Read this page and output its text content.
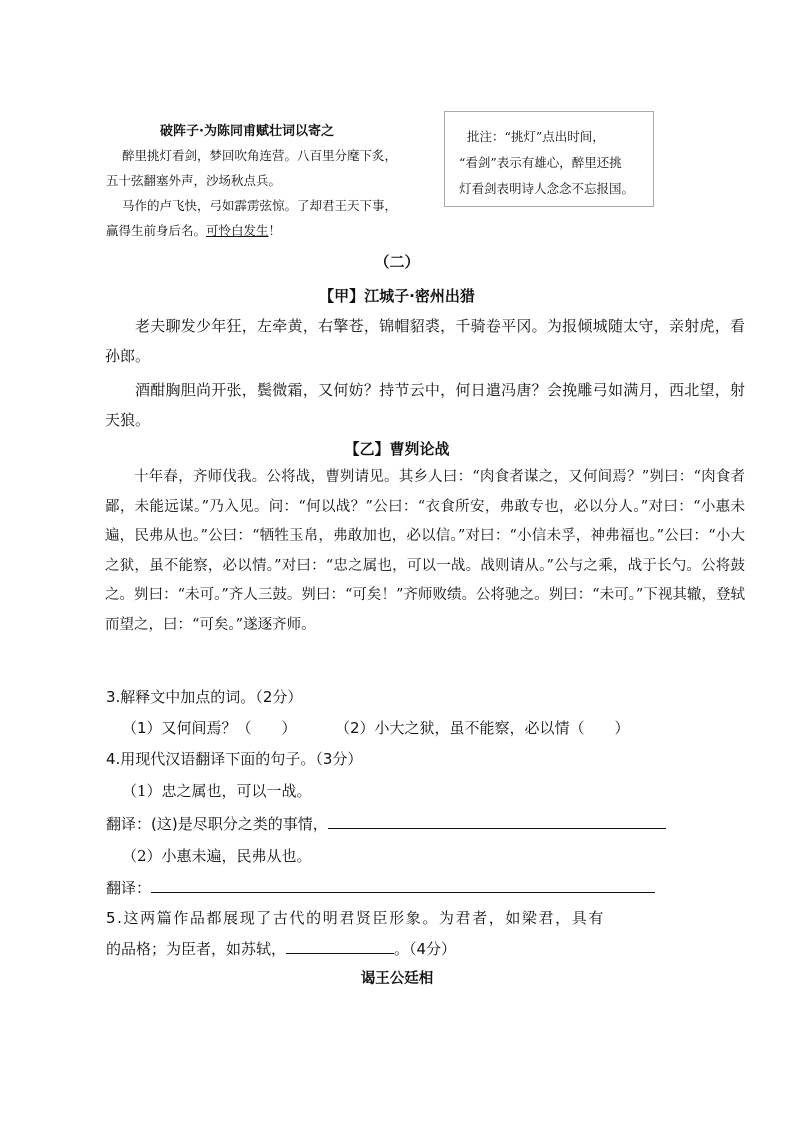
破阵子·为陈同甫赋壮词以寄之
醉里挑灯看剑，梦回吹角连营。八百里分麾下炙，
五十弦翻塞外声，沙场秋点兵。
马作的卢飞快，弓如霹雳弦惊。了却君王天下事，
赢得生前身后名。可怜白发生！
批注：“挑灯”点出时间，
“看剑”表示有雄心，醉里还挑
灯看剑表明诗人念念不忘报国。
（二）
【甲】江城子·密州出猎
老夫聊发少年狂，左牵黄，右擎苍，锦帽貂裘，千骑卷平冈。为报倾城随太守，亲射虎，看孙郎。
酒酣胸胆尚开张，鬓微霜，又何妨？持节云中，何日遣冯唐？会挽雕弓如满月，西北望，射天狼。
【乙】曹刿论战
十年春，齐师伐我。公将战，曹刿请见。其乡人曰：“肉食者谋之，又何间焉？”刿曰：“肉食者鄙，未能远谋。”乃入见。问：“何以战？”公曰：“衣食所安，弗敢专也，必以分人。”对曰：“小惠未遍，民弗从也。”公曰：“牺牲玉帛，弗敢加也，必以信。”对曰：“小信未孚，神弗福也。”公曰：“小大之狱，虽不能察，必以情。”对曰：“忠之属也，可以一战。战则请从。”公与之乘，战于长勺。公将鼓之。刿曰：“未可。”齐人三鼓。刿曰：“可矣！”齐师败绩。公将驰之。刿曰：“未可。”下视其辙，登轼而望之，曰：“可矣。”遂逐齐师。
3.解释文中加点的词。（2分）
（1）又何间焉？（　　）	（2）小大之狱，虽不能察，必以情（　　）
4.用现代汉语翻译下面的句子。（3分）
（1）忠之属也，可以一战。
翻译：(这)是尽职分之类的事情，
（2）小惠未遍，民弗从也。
翻译：
5.这两篇作品都展现了古代的明君贤臣形象。为君者，如梁君，具有
的品格；为臣者，如苏轼，	。（4分）
谒王公廷相
